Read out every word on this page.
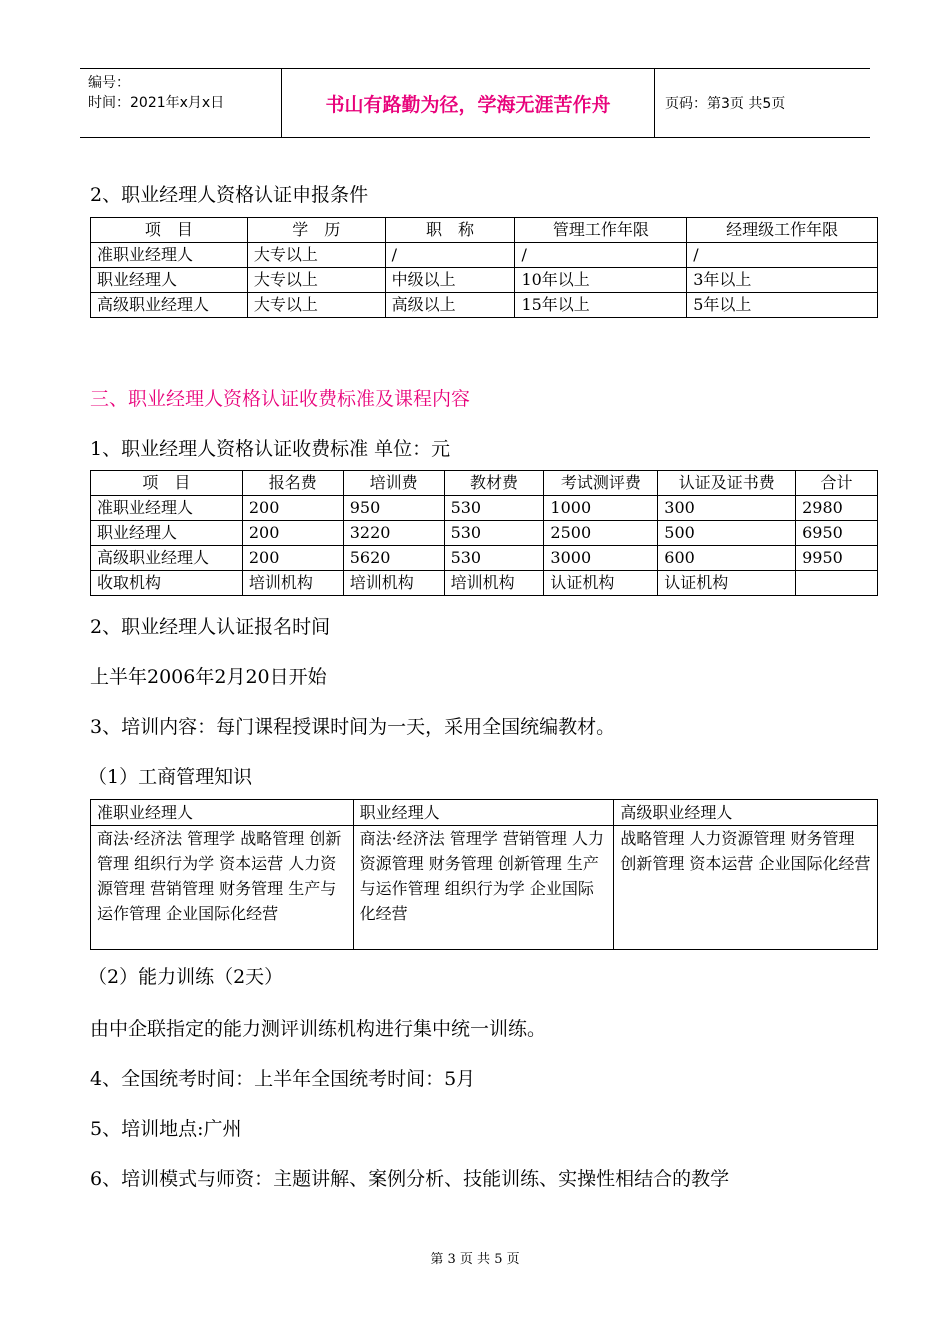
编号：
时间：2021年x月x日	书山有路勤为径，学海无涯苦作舟	页码：第3页 共5页
2、职业经理人资格认证申报条件
项　目	学　历	职　称	管理工作年限	经理级工作年限
准职业经理人	大专以上	/	/	/
职业经理人	大专以上	中级以上	10年以上	3年以上
高级职业经理人	大专以上	高级以上	15年以上	5年以上
三、职业经理人资格认证收费标准及课程内容
1、职业经理人资格认证收费标准 单位：元
项　目	报名费	培训费	教材费	考试测评费	认证及证书费	合计
准职业经理人	200	950	530	1000	300	2980
职业经理人	200	3220	530	2500	500	6950
高级职业经理人	200	5620	530	3000	600	9950
收取机构	培训机构	培训机构	培训机构	认证机构	认证机构	
2、职业经理人认证报名时间
上半年2006年2月20日开始
3、培训内容：每门课程授课时间为一天，采用全国统编教材。
（1）工商管理知识
准职业经理人	职业经理人	高级职业经理人
商法·经济法 管理学 战略管理 创新管理 组织行为学 资本运营 人力资源管理 营销管理 财务管理 生产与运作管理 企业国际化经营	商法·经济法 管理学 营销管理 人力资源管理 财务管理 创新管理 生产与运作管理 组织行为学 企业国际化经营	战略管理 人力资源管理 财务管理 创新管理 资本运营 企业国际化经营
（2）能力训练（2天）
由中企联指定的能力测评训练机构进行集中统一训练。
4、全国统考时间：上半年全国统考时间：5月
5、培训地点:广州
6、培训模式与师资：主题讲解、案例分析、技能训练、实操性相结合的教学
第 3 页 共 5 页
